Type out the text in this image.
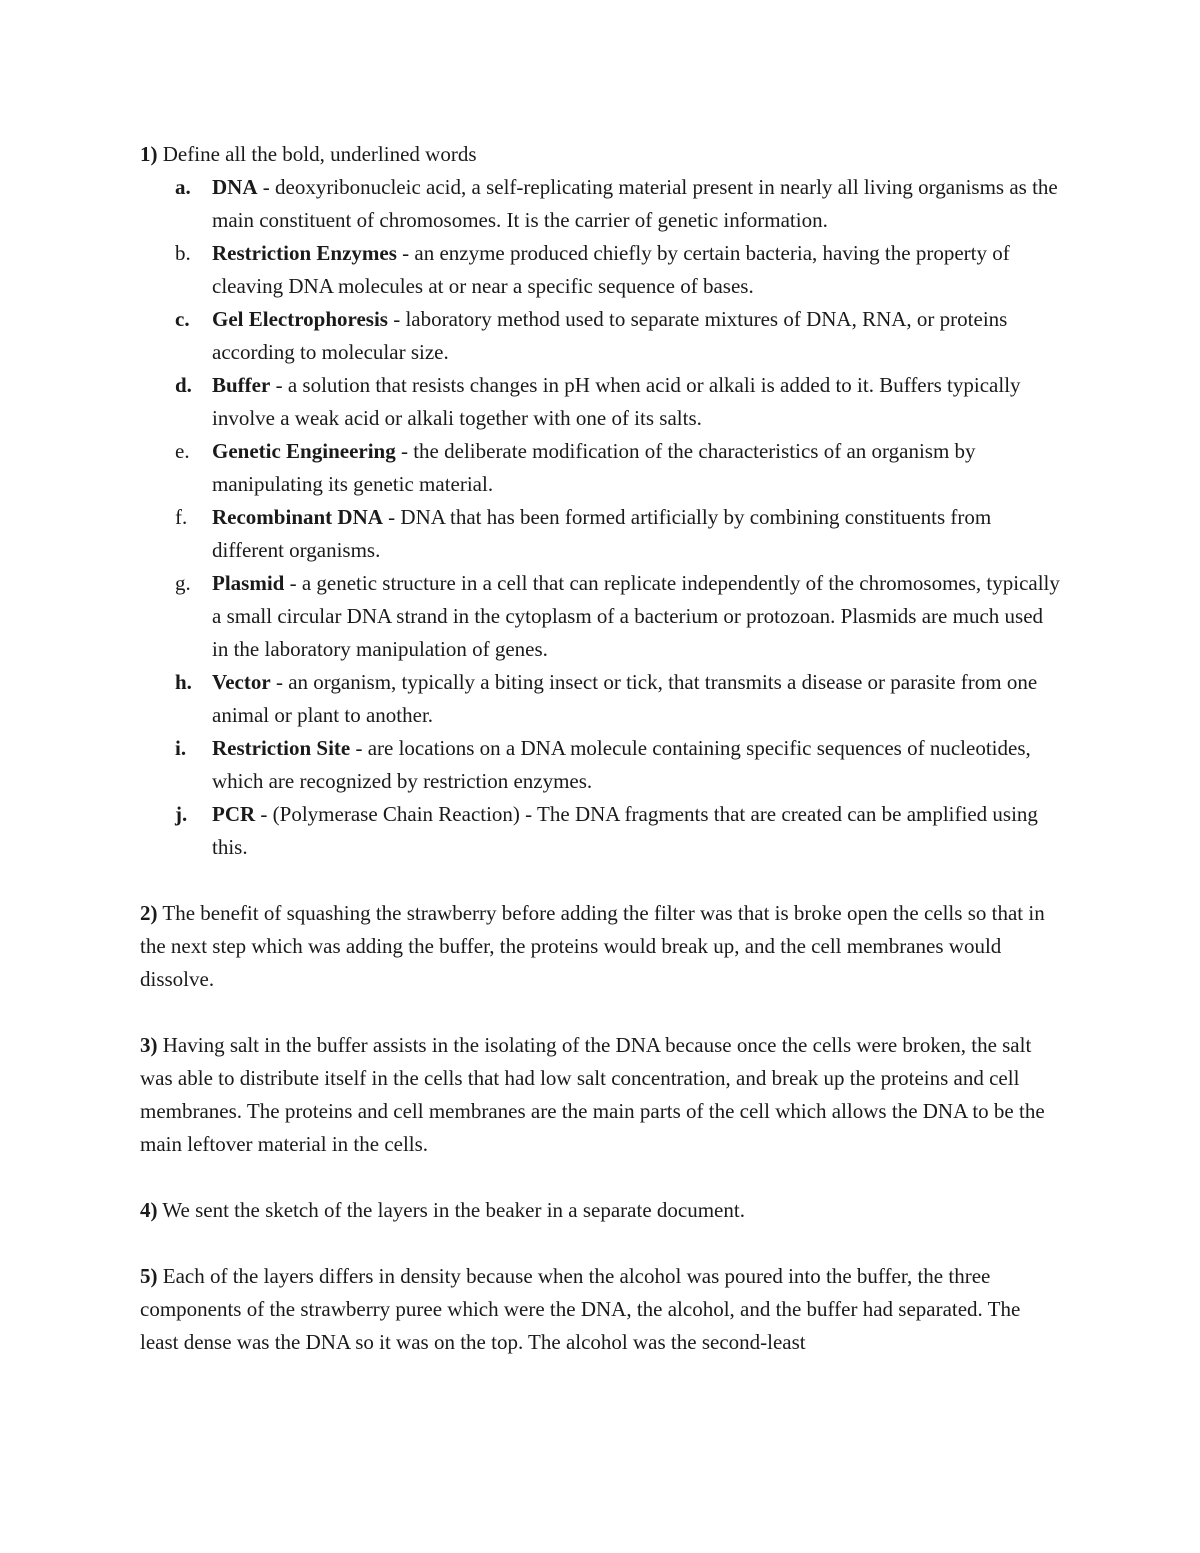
1) Define all the bold, underlined words

a. DNA - deoxyribonucleic acid, a self-replicating material present in nearly all living organisms as the main constituent of chromosomes. It is the carrier of genetic information.
b. Restriction Enzymes - an enzyme produced chiefly by certain bacteria, having the property of cleaving DNA molecules at or near a specific sequence of bases.
c. Gel Electrophoresis - laboratory method used to separate mixtures of DNA, RNA, or proteins according to molecular size.
d. Buffer - a solution that resists changes in pH when acid or alkali is added to it. Buffers typically involve a weak acid or alkali together with one of its salts.
e. Genetic Engineering - the deliberate modification of the characteristics of an organism by manipulating its genetic material.
f. Recombinant DNA - DNA that has been formed artificially by combining constituents from different organisms.
g. Plasmid - a genetic structure in a cell that can replicate independently of the chromosomes, typically a small circular DNA strand in the cytoplasm of a bacterium or protozoan. Plasmids are much used in the laboratory manipulation of genes.
h. Vector - an organism, typically a biting insect or tick, that transmits a disease or parasite from one animal or plant to another.
i. Restriction Site - are locations on a DNA molecule containing specific sequences of nucleotides, which are recognized by restriction enzymes.
j. PCR - (Polymerase Chain Reaction) - The DNA fragments that are created can be amplified using this.

2) The benefit of squashing the strawberry before adding the filter was that is broke open the cells so that in the next step which was adding the buffer, the proteins would break up, and the cell membranes would dissolve.

3) Having salt in the buffer assists in the isolating of the DNA because once the cells were broken, the salt was able to distribute itself in the cells that had low salt concentration, and break up the proteins and cell membranes. The proteins and cell membranes are the main parts of the cell which allows the DNA to be the main leftover material in the cells.

4) We sent the sketch of the layers in the beaker in a separate document.

5) Each of the layers differs in density because when the alcohol was poured into the buffer, the three components of the strawberry puree which were the DNA, the alcohol, and the buffer had separated. The least dense was the DNA so it was on the top. The alcohol was the second-least
